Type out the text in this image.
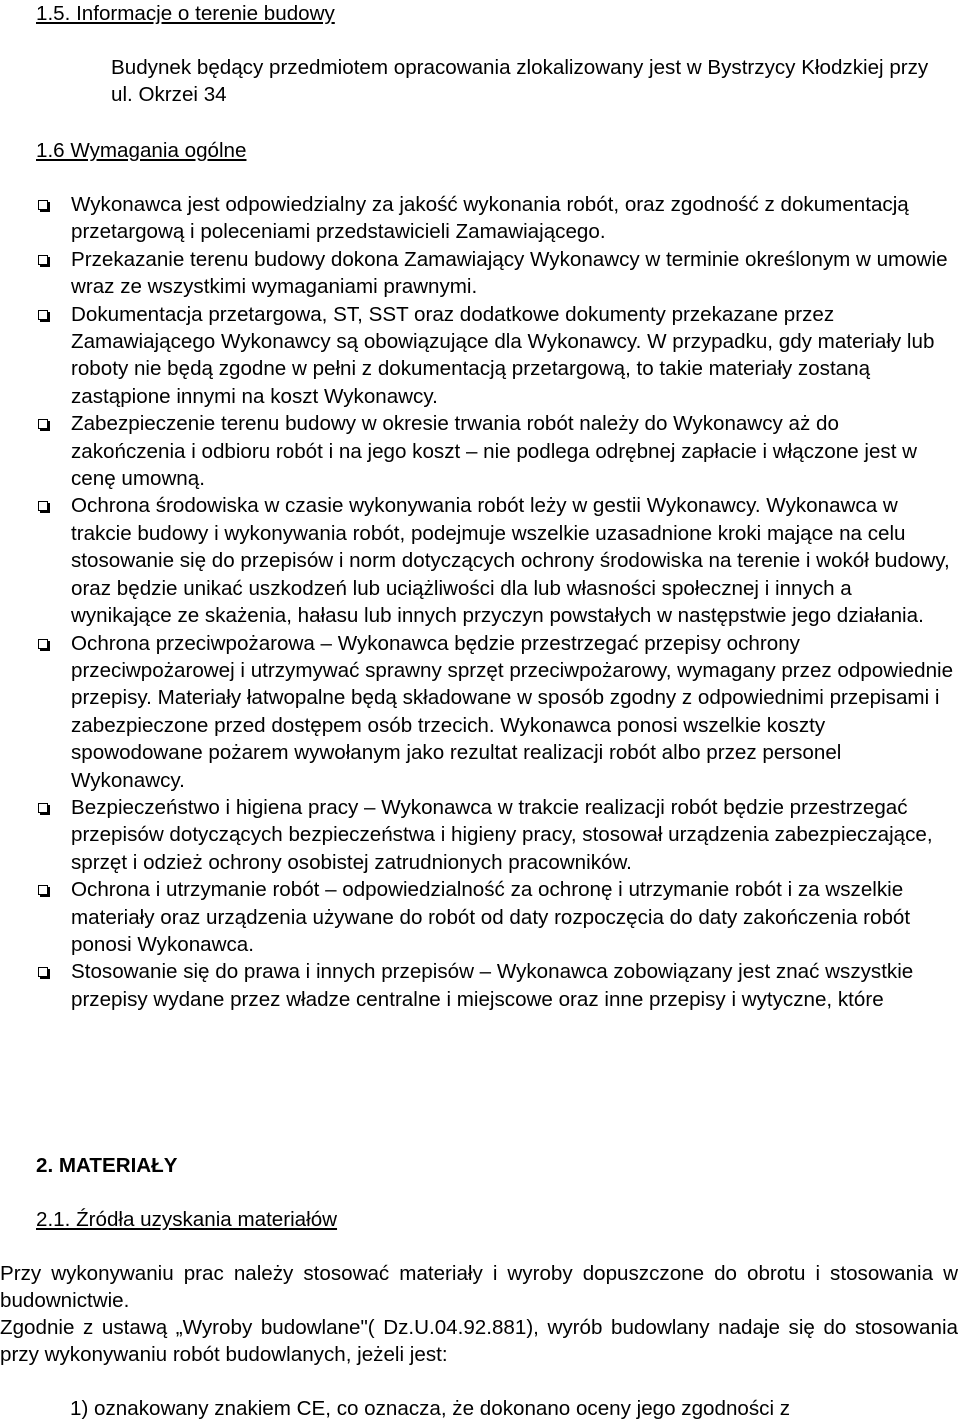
1.5. Informacje o terenie budowy

Budynek będący przedmiotem opracowania zlokalizowany jest w Bystrzycy Kłodzkiej przy ul. Okrzei 34

1.6 Wymagania ogólne
Wykonawca jest odpowiedzialny za jakość wykonania robót, oraz zgodność z dokumentacją przetargową i poleceniami przedstawicieli Zamawiającego.
Przekazanie terenu budowy dokona Zamawiający Wykonawcy w terminie określonym w umowie wraz ze wszystkimi wymaganiami prawnymi.
Dokumentacja przetargowa, ST, SST oraz dodatkowe dokumenty przekazane przez Zamawiającego Wykonawcy są obowiązujące dla Wykonawcy. W przypadku, gdy materiały lub roboty nie będą zgodne w pełni z dokumentacją przetargową, to takie materiały zostaną zastąpione innymi na koszt Wykonawcy.
Zabezpieczenie terenu budowy w okresie trwania robót należy do Wykonawcy aż do zakończenia i odbioru robót i na jego koszt – nie podlega odrębnej zapłacie i włączone jest w cenę umowną.
Ochrona środowiska w czasie wykonywania robót leży w gestii Wykonawcy. Wykonawca w trakcie budowy i wykonywania robót, podejmuje wszelkie uzasadnione kroki mające na celu stosowanie się do przepisów i norm dotyczących ochrony środowiska na terenie i wokół budowy, oraz będzie unikać uszkodzeń lub uciążliwości dla lub własności społecznej i innych a wynikające ze skażenia, hałasu lub innych przyczyn powstałych w następstwie jego działania.
Ochrona przeciwpożarowa – Wykonawca będzie przestrzegać przepisy ochrony przeciwpożarowej i utrzymywać sprawny sprzęt przeciwpożarowy, wymagany przez odpowiednie przepisy. Materiały łatwopalne będą składowane w sposób zgodny z odpowiednimi przepisami i zabezpieczone przed dostępem osób trzecich. Wykonawca ponosi wszelkie koszty spowodowane pożarem wywołanym jako rezultat realizacji robót albo przez personel Wykonawcy.
Bezpieczeństwo i higiena pracy – Wykonawca w trakcie realizacji robót będzie przestrzegać przepisów dotyczących bezpieczeństwa i higieny pracy, stosował urządzenia zabezpieczające, sprzęt i odzież ochrony osobistej zatrudnionych pracowników.
Ochrona i utrzymanie robót – odpowiedzialność za ochronę i utrzymanie robót i za wszelkie materiały oraz urządzenia używane do robót od daty rozpoczęcia do daty zakończenia robót ponosi Wykonawca.
Stosowanie się do prawa i innych przepisów – Wykonawca zobowiązany jest znać wszystkie przepisy wydane przez władze centralne i miejscowe oraz inne przepisy i wytyczne, które
2. MATERIAŁY
2.1. Źródła uzyskania materiałów

Przy wykonywaniu prac należy stosować materiały i wyroby dopuszczone do obrotu i stosowania w budownictwie.

Zgodnie z ustawą „Wyroby budowlane"( Dz.U.04.92.881), wyrób budowlany nadaje się do stosowania przy wykonywaniu robót budowlanych, jeżeli jest:

1) oznakowany znakiem CE, co oznacza, że dokonano oceny jego zgodności z
